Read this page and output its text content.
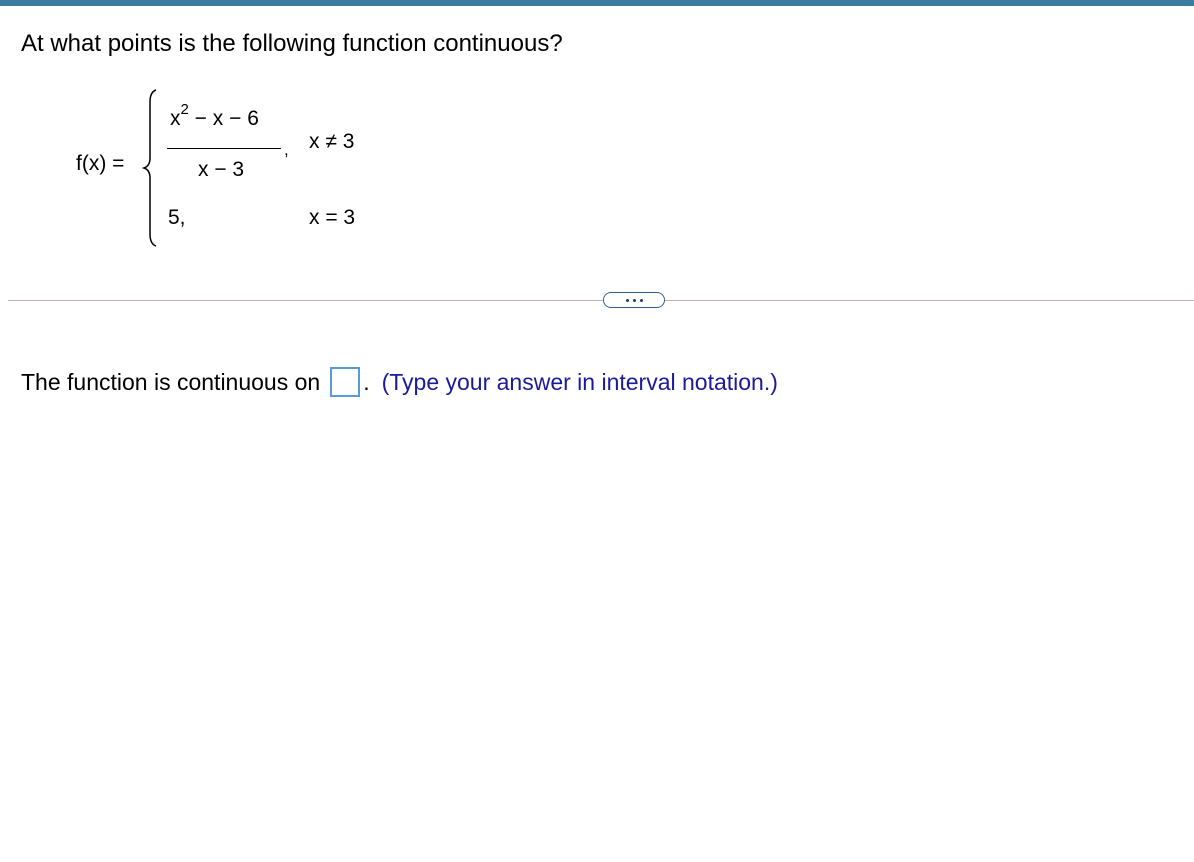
At what points is the following function continuous?
f(x) =
$x^2 - x - 6$
x − 3
, x ≠ 3
5,	x = 3
The function is continuous on . (Type your answer in interval notation.)
